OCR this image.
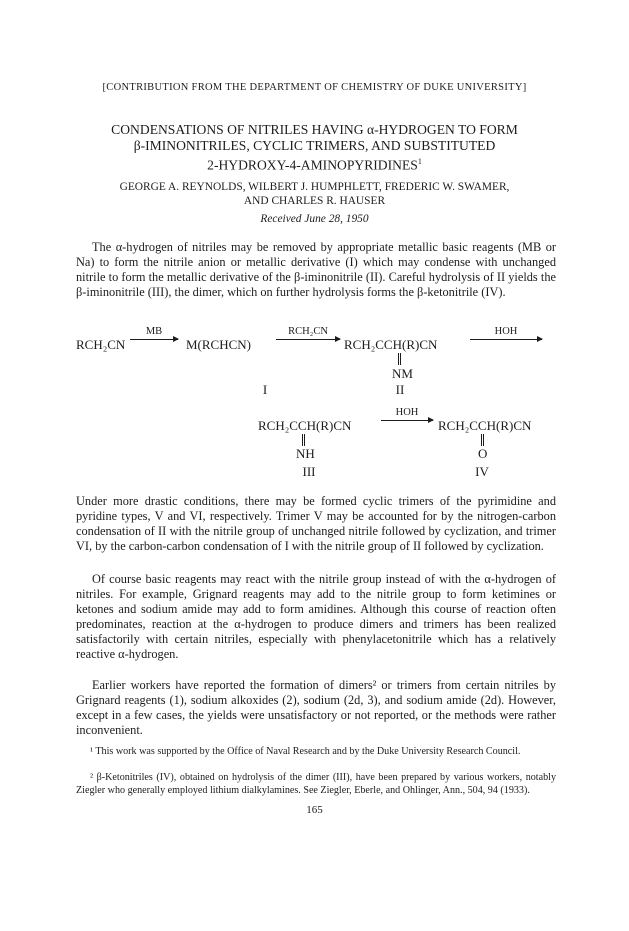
[CONTRIBUTION FROM THE DEPARTMENT OF CHEMISTRY OF DUKE UNIVERSITY]
CONDENSATIONS OF NITRILES HAVING α-HYDROGEN TO FORM
β-IMINONITRILES, CYCLIC TRIMERS, AND SUBSTITUTED
2-HYDROXY-4-AMINOPYRIDINES$^1$
GEORGE A. REYNOLDS, WILBERT J. HUMPHLETT, FREDERIC W. SWAMER,
AND CHARLES R. HAUSER
Received June 28, 1950
The α-hydrogen of nitriles may be removed by appropriate metallic basic reagents (MB or Na) to form the nitrile anion or metallic derivative (I) which may condense with unchanged nitrile to form the metallic derivative of the β-iminonitrile (II). Careful hydrolysis of II yields the β-iminonitrile (III), the dimer, which on further hydrolysis forms the β-ketonitrile (IV).
RCH₂CN
MB
M(RCHCN)
RCH₂CN
RCH₂CCH(R)CN
HOH
NM
I	II
RCH₂CCH(R)CN
HOH
RCH₂CCH(R)CN
NH	O
III	IV
Under more drastic conditions, there may be formed cyclic trimers of the pyrimidine and pyridine types, V and VI, respectively. Trimer V may be accounted for by the nitrogen-carbon condensation of II with the nitrile group of unchanged nitrile followed by cyclization, and trimer VI, by the carbon-carbon condensation of I with the nitrile group of II followed by cyclization.
Of course basic reagents may react with the nitrile group instead of with the α-hydrogen of nitriles. For example, Grignard reagents may add to the nitrile group to form ketimines or ketones and sodium amide may add to form amidines. Although this course of reaction often predominates, reaction at the α-hydrogen to produce dimers and trimers has been realized satisfactorily with certain nitriles, especially with phenylacetonitrile which has a relatively reactive α-hydrogen.
Earlier workers have reported the formation of dimers² or trimers from certain nitriles by Grignard reagents (1), sodium alkoxides (2), sodium (2d, 3), and sodium amide (2d). However, except in a few cases, the yields were unsatisfactory or not reported, or the methods were rather inconvenient.
¹ This work was supported by the Office of Naval Research and by the Duke University Research Council.
² β-Ketonitriles (IV), obtained on hydrolysis of the dimer (III), have been prepared by various workers, notably Ziegler who generally employed lithium dialkylamines. See Ziegler, Eberle, and Ohlinger, Ann., 504, 94 (1933).
165
